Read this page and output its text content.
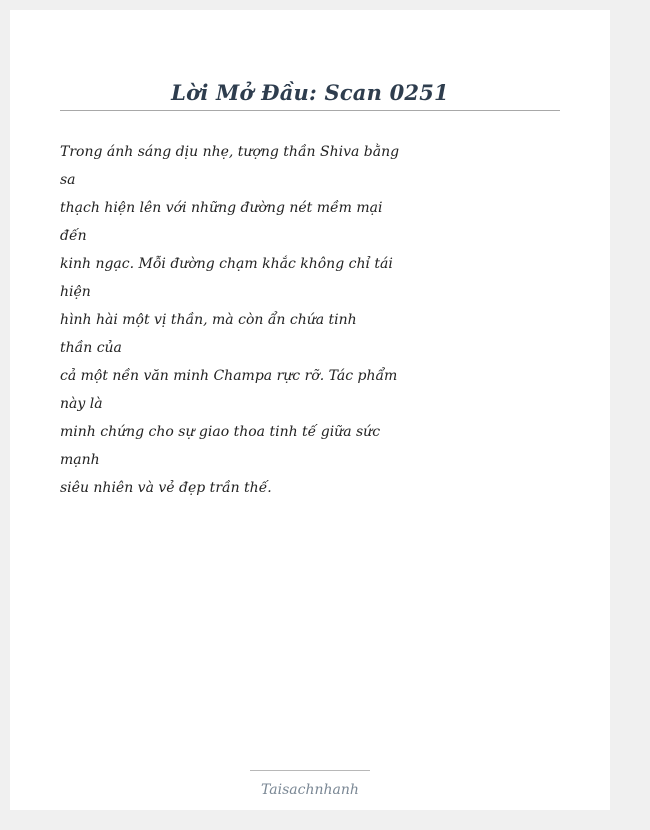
Lời Mở Đầu: Scan 0251
Trong ánh sáng dịu nhẹ, tượng thần Shiva bằng
sa
thạch hiện lên với những đường nét mềm mại
đến
kinh ngạc. Mỗi đường chạm khắc không chỉ tái
hiện
hình hài một vị thần, mà còn ẩn chứa tinh
thần của
cả một nền văn minh Champa rực rỡ. Tác phẩm
này là
minh chứng cho sự giao thoa tinh tế giữa sức
mạnh
siêu nhiên và vẻ đẹp trần thế.
Taisachnhanh
